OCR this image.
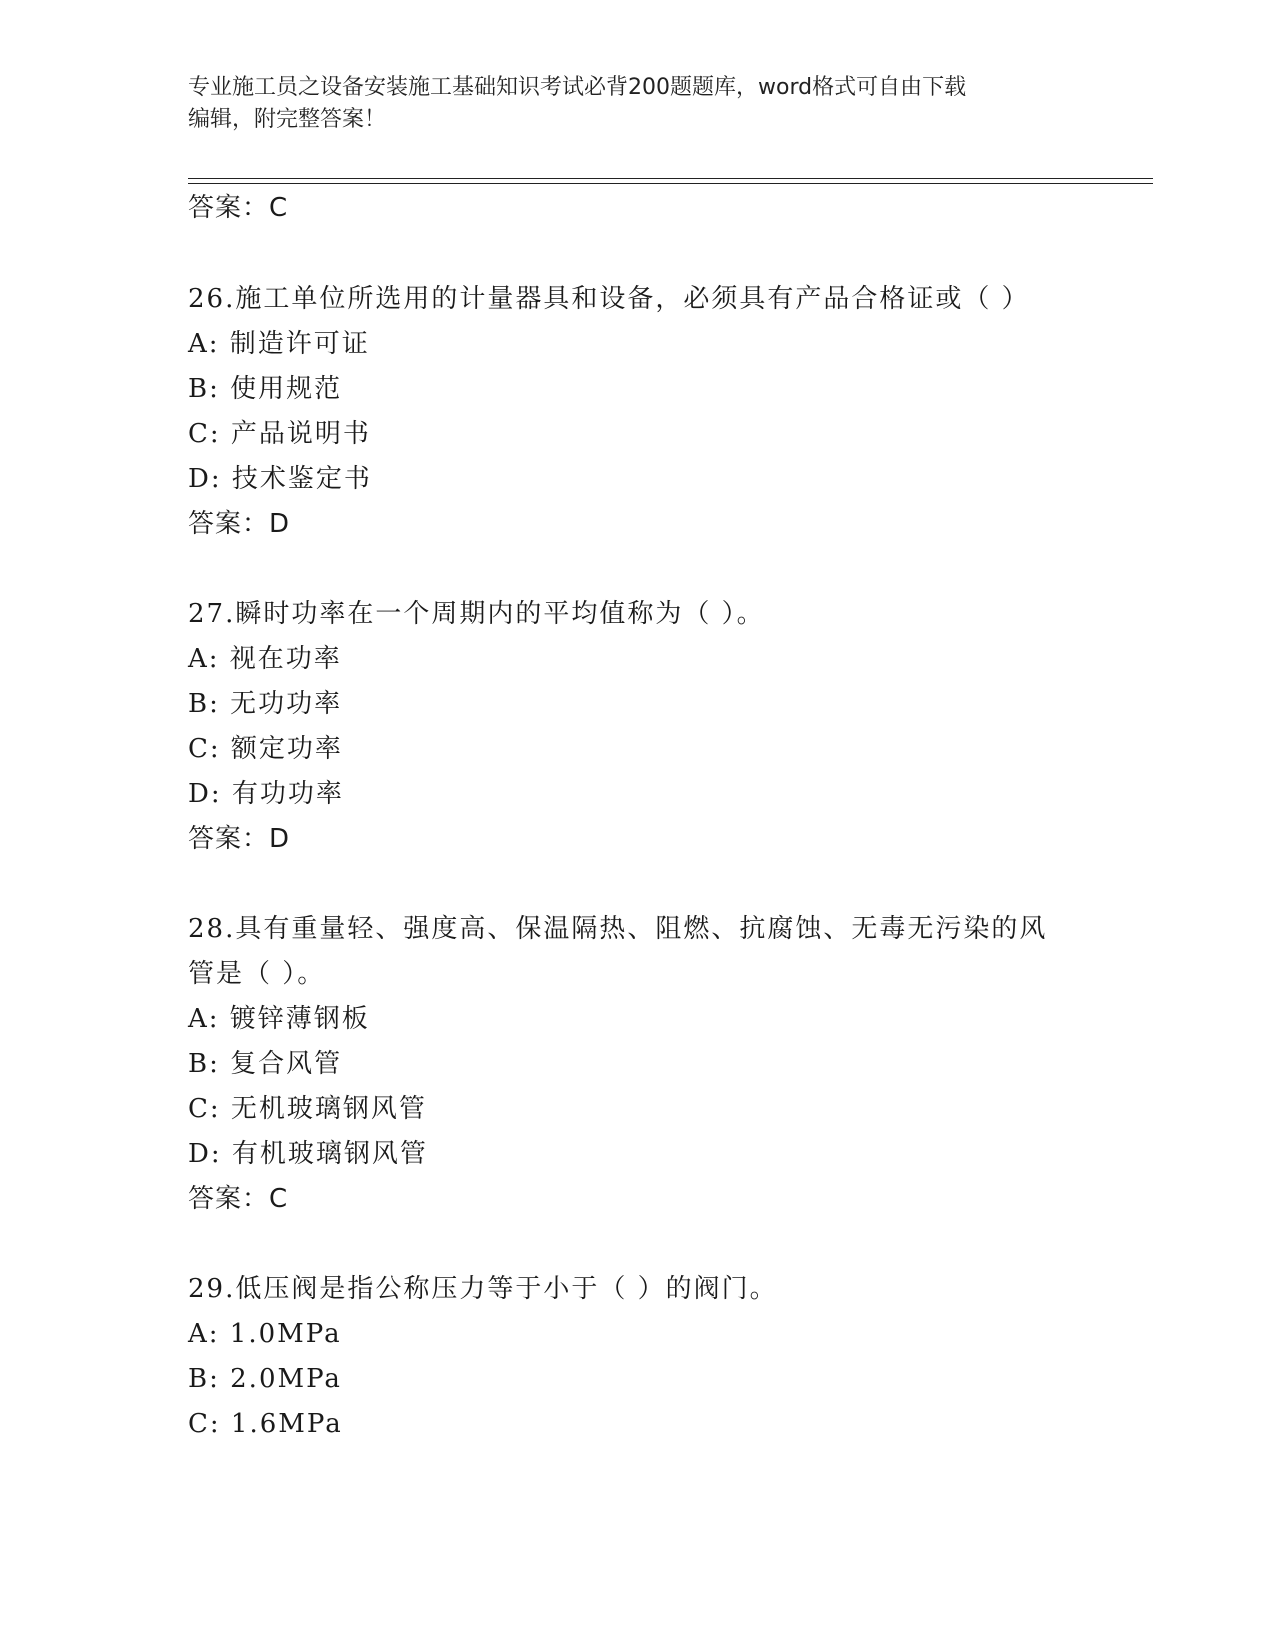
专业施工员之设备安装施工基础知识考试必背200题题库，word格式可自由下载
编辑，附完整答案！
答案：C
26.施工单位所选用的计量器具和设备，必须具有产品合格证或（ ）
A: 制造许可证
B: 使用规范
C: 产品说明书
D: 技术鉴定书
答案：D
27.瞬时功率在一个周期内的平均值称为（ ）。
A: 视在功率
B: 无功功率
C: 额定功率
D: 有功功率
答案：D
28.具有重量轻、强度高、保温隔热、阻燃、抗腐蚀、无毒无污染的风
管是（ ）。
A: 镀锌薄钢板
B: 复合风管
C: 无机玻璃钢风管
D: 有机玻璃钢风管
答案：C
29.低压阀是指公称压力等于小于（ ）的阀门。
A: 1.0MPa
B: 2.0MPa
C: 1.6MPa
